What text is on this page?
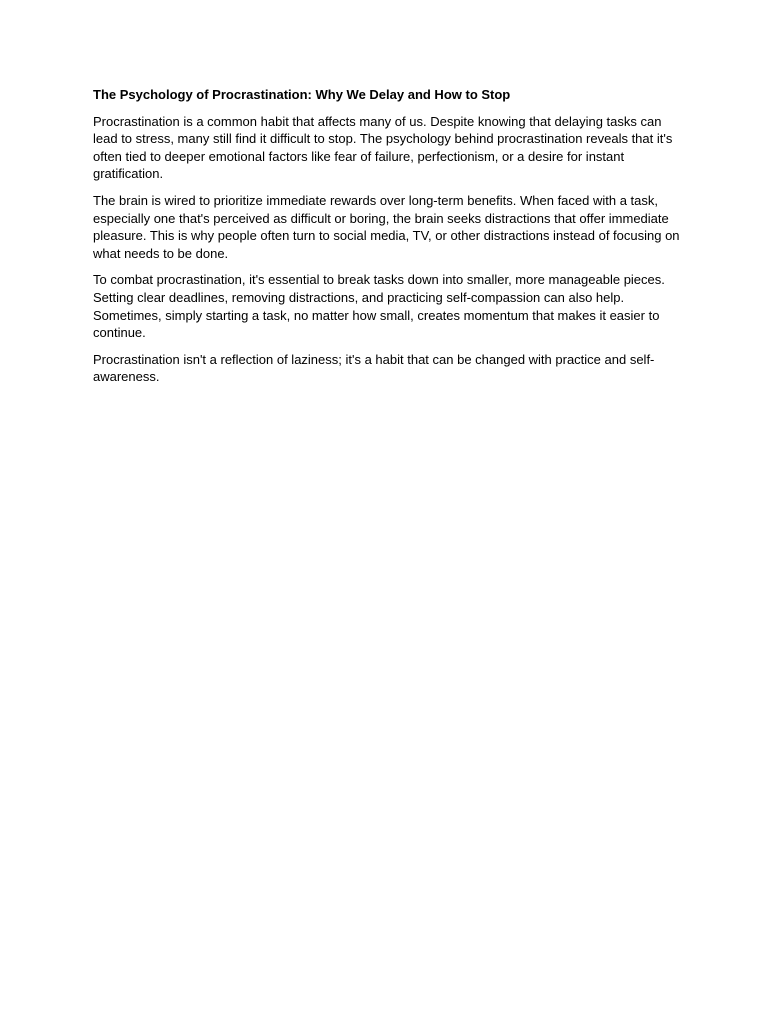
The Psychology of Procrastination: Why We Delay and How to Stop

Procrastination is a common habit that affects many of us. Despite knowing that delaying tasks can lead to stress, many still find it difficult to stop. The psychology behind procrastination reveals that it's often tied to deeper emotional factors like fear of failure, perfectionism, or a desire for instant gratification.

The brain is wired to prioritize immediate rewards over long-term benefits. When faced with a task, especially one that's perceived as difficult or boring, the brain seeks distractions that offer immediate pleasure. This is why people often turn to social media, TV, or other distractions instead of focusing on what needs to be done.

To combat procrastination, it's essential to break tasks down into smaller, more manageable pieces. Setting clear deadlines, removing distractions, and practicing self-compassion can also help. Sometimes, simply starting a task, no matter how small, creates momentum that makes it easier to continue.

Procrastination isn't a reflection of laziness; it's a habit that can be changed with practice and self-awareness.
